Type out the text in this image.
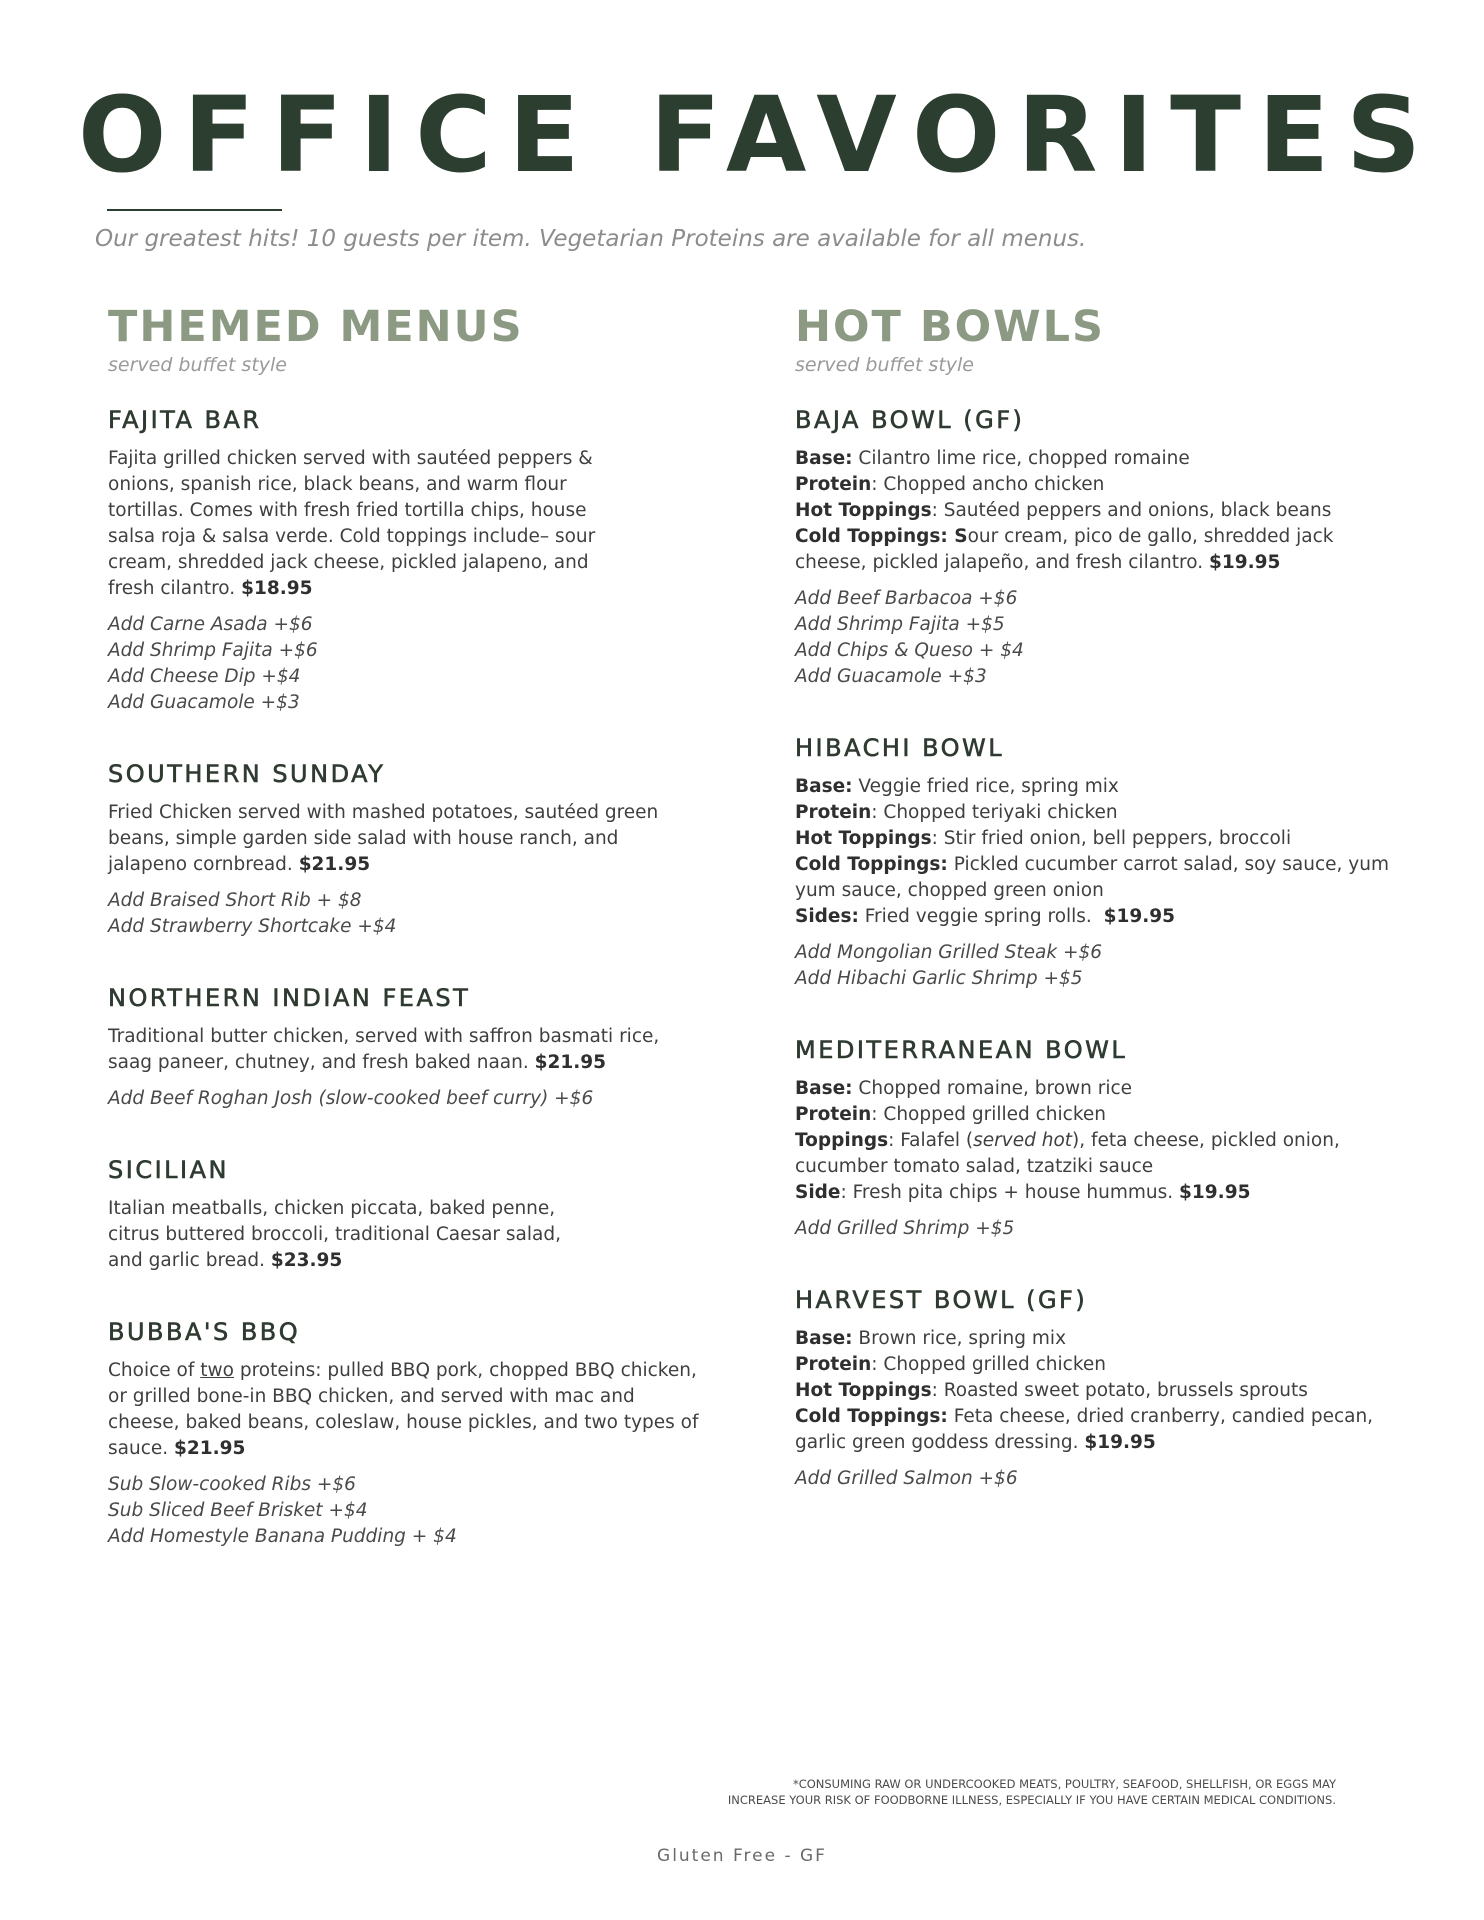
OFFICE FAVORITES

Our greatest hits! 10 guests per item. Vegetarian Proteins are available for all menus.

THEMED MENUS

served buffet style

FAJITA BAR

Fajita grilled chicken served with sautéed peppers & onions, spanish rice, black beans, and warm flour tortillas. Comes with fresh fried tortilla chips, house salsa roja & salsa verde. Cold toppings include– sour cream, shredded jack cheese, pickled jalapeno, and fresh cilantro. $18.95

Add Carne Asada +$6
Add Shrimp Fajita +$6
Add Cheese Dip +$4
Add Guacamole +$3
SOUTHERN SUNDAY

Fried Chicken served with mashed potatoes, sautéed green beans, simple garden side salad with house ranch, and jalapeno cornbread. $21.95

Add Braised Short Rib + $8
Add Strawberry Shortcake +$4
NORTHERN INDIAN FEAST

Traditional butter chicken, served with saffron basmati rice, saag paneer, chutney, and fresh baked naan. $21.95

Add Beef Roghan Josh (slow-cooked beef curry) +$6
SICILIAN

Italian meatballs, chicken piccata, baked penne, citrus buttered broccoli, traditional Caesar salad, and garlic bread. $23.95

BUBBA'S BBQ

Choice of two proteins: pulled BBQ pork, chopped BBQ chicken, or grilled bone-in BBQ chicken, and served with mac and cheese, baked beans, coleslaw, house pickles, and two types of sauce. $21.95

Sub Slow-cooked Ribs +$6
Sub Sliced Beef Brisket +$4
Add Homestyle Banana Pudding + $4
HOT BOWLS

served buffet style

BAJA BOWL (GF)

Base: Cilantro lime rice, chopped romaine

Protein: Chopped ancho chicken

Hot Toppings: Sautéed peppers and onions, black beans

Cold Toppings: Sour cream, pico de gallo, shredded jack cheese, pickled jalapeño, and fresh cilantro. $19.95

Add Beef Barbacoa +$6
Add Shrimp Fajita +$5
Add Chips & Queso + $4
Add Guacamole +$3
HIBACHI BOWL

Base: Veggie fried rice, spring mix

Protein: Chopped teriyaki chicken

Hot Toppings: Stir fried onion, bell peppers, broccoli

Cold Toppings: Pickled cucumber carrot salad, soy sauce, yum yum sauce, chopped green onion

Sides: Fried veggie spring rolls. $19.95

Add Mongolian Grilled Steak +$6
Add Hibachi Garlic Shrimp +$5
MEDITERRANEAN BOWL

Base: Chopped romaine, brown rice

Protein: Chopped grilled chicken

Toppings: Falafel (served hot), feta cheese, pickled onion, cucumber tomato salad, tzatziki sauce

Side: Fresh pita chips + house hummus. $19.95

Add Grilled Shrimp +$5
HARVEST BOWL (GF)

Base: Brown rice, spring mix

Protein: Chopped grilled chicken

Hot Toppings: Roasted sweet potato, brussels sprouts

Cold Toppings: Feta cheese, dried cranberry, candied pecan, garlic green goddess dressing. $19.95

Add Grilled Salmon +$6

*CONSUMING RAW OR UNDERCOOKED MEATS, POULTRY, SEAFOOD, SHELLFISH, OR EGGS MAY
INCREASE YOUR RISK OF FOODBORNE ILLNESS, ESPECIALLY IF YOU HAVE CERTAIN MEDICAL CONDITIONS.

Gluten Free - GF
